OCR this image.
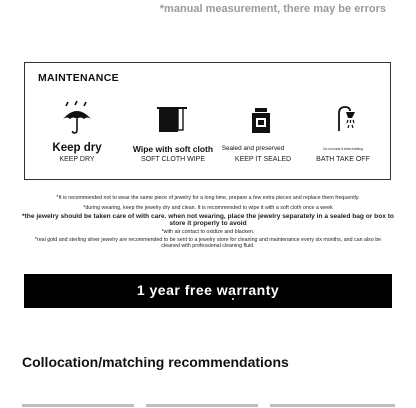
*manual measurement, there may be errors
MAINTENANCE
Keep dry	Wipe with soft cloth	Sealed and preserved	Do not wear it when bathing
KEEP DRY	SOFT CLOTH WIPE	KEEP IT SEALED	BATH TAKE OFF
*It is recommended not to wear the same piece of jewelry for a long time, prepare a few extra pieces and replace them frequently.
*during wearing, keep the jewelry dry and clean. It is recommended to wipe it with a soft cloth once a week
*the jewelry should be taken care of with care. when not wearing, place the jewelry separately in a sealed bag or box to
store it properly to avoid
*with air contact to oxidize and blacken.
*real gold and sterling silver jewelry are recommended to be sent to a jewelry store for cleaning and maintenance every six months, and can also be
cleaned with professional cleaning fluid.
1 year free warranty
Collocation/matching recommendations
